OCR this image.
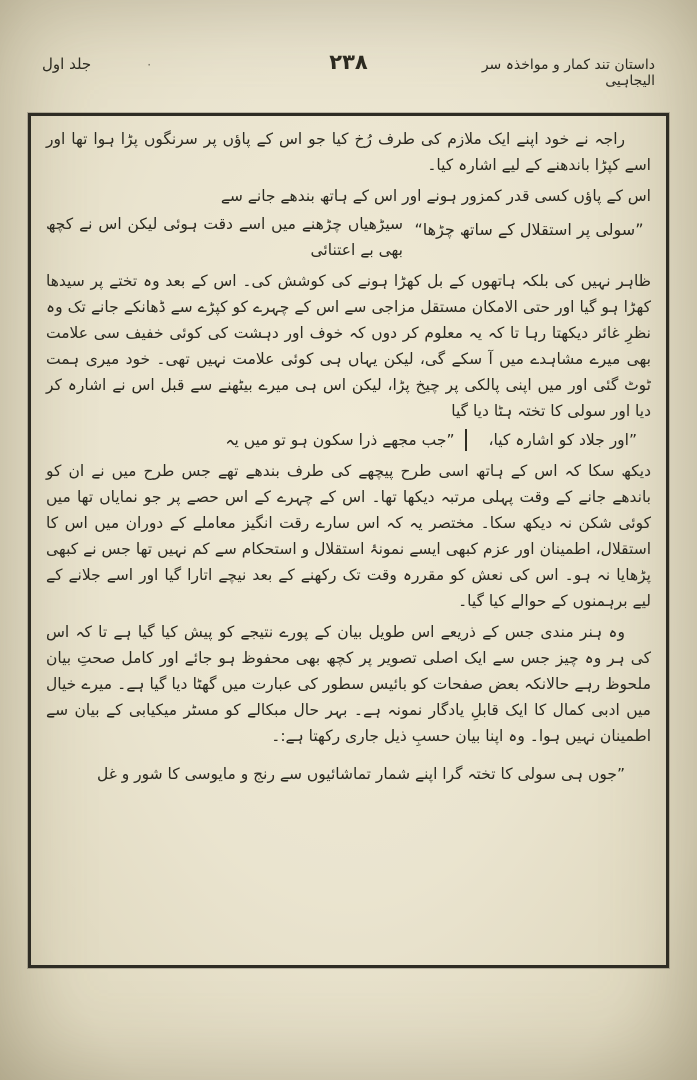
داستان تند کمار و مواخذہ سر الیجاہیی
۲۳۸
·
جلد اول

راجہ نے خود اپنے ایک ملازم کی طرف رُخ کیا جو اس کے پاؤں پر سرنگوں پڑا ہوا تھا اور اسے کپڑا باندھنے کے لیے اشارہ کیا۔

اس کے پاؤں کسی قدر کمزور ہونے اور اس کے ہاتھ بندھے جانے سے

”سولی پر استقلال کے ساتھ چڑھا“
سیڑھیاں چڑھنے میں اسے دقت ہوئی لیکن اس نے کچھ بھی بے اعتنائی

ظاہر نہیں کی بلکہ ہاتھوں کے بل کھڑا ہونے کی کوشش کی۔ اس کے بعد وہ تختے پر سیدھا کھڑا ہو گیا اور حتی الامکان مستقل مزاجی سے اس کے چہرے کو کپڑے سے ڈھانکے جانے تک وہ نظرِ غائر دیکھتا رہا تا کہ یہ معلوم کر دوں کہ خوف اور دہشت کی کوئی خفیف سی علامت بھی میرے مشاہدے میں آ سکے گی، لیکن یہاں ہی کوئی علامت نہیں تھی۔ خود میری ہمت ٹوٹ گئی اور میں اپنی پالکی پر چیخ پڑا، لیکن اس ہی میرے بیٹھنے سے قبل اس نے اشارہ کر دیا اور سولی کا تختہ ہٹا دیا گیا

”اور جلاد کو اشارہ کیا،
”جب مجھے ذرا سکون ہو تو میں یہ

دیکھ سکا کہ اس کے ہاتھ اسی طرح پیچھے کی طرف بندھے تھے جس طرح میں نے ان کو باندھے جانے کے وقت پہلی مرتبہ دیکھا تھا۔ اس کے چہرے کے اس حصے پر جو نمایاں تھا میں کوئی شکن نہ دیکھ سکا۔ مختصر یہ کہ اس سارے رقت انگیز معاملے کے دوران میں اس کا استقلال، اطمینان اور عزم کبھی ایسے نمونۂ استقلال و استحکام سے کم نہیں تھا جس نے کبھی پڑھایا نہ ہو۔ اس کی نعش کو مقررہ وقت تک رکھنے کے بعد نیچے اتارا گیا اور اسے جلانے کے لیے برہمنوں کے حوالے کیا گیا۔

وہ ہنر مندی جس کے ذریعے اس طویل بیان کے پورے نتیجے کو پیش کیا گیا ہے تا کہ اس کی ہر وہ چیز جس سے ایک اصلی تصویر پر کچھ بھی محفوظ ہو جائے اور کامل صحتِ بیان ملحوظ رہے حالانکہ بعض صفحات کو بائیس سطور کی عبارت میں گھٹا دیا گیا ہے۔ میرے خیال میں ادبی کمال کا ایک قابلِ یادگار نمونہ ہے۔ بہر حال مبکالے کو مسٹر میکیابی کے بیان سے اطمینان نہیں ہوا۔ وہ اپنا بیان حسبِ ذیل جاری رکھتا ہے:۔

”جوں ہی سولی کا تختہ گرا اپنے شمار تماشائیوں سے رنج و مایوسی کا شور و غل
